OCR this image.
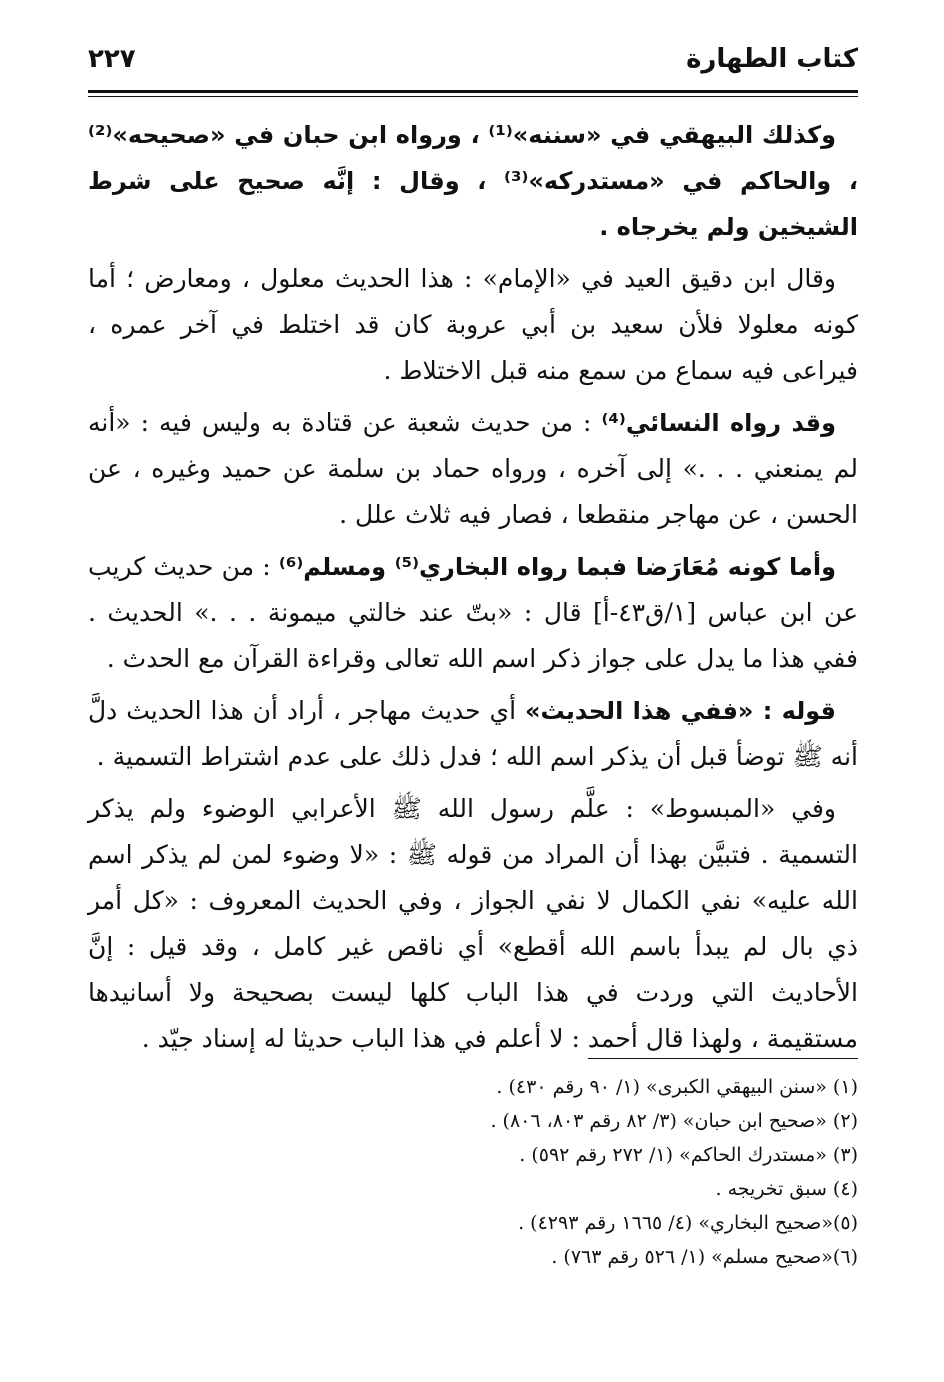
كتاب الطهارة
٢٢٧

وكذلك البيهقي في «سننه»⁽¹⁾ ، ورواه ابن حبان في «صحيحه»⁽²⁾ ، والحاكم في «مستدركه»⁽³⁾ ، وقال : إنَّه صحيح على شرط الشيخين ولم يخرجاه .

وقال ابن دقيق العيد في «الإمام» : هذا الحديث معلول ، ومعارض ؛ أما كونه معلولا فلأن سعيد بن أبي عروبة كان قد اختلط في آخر عمره ، فيراعى فيه سماع من سمع منه قبل الاختلاط .

وقد رواه النسائي⁽⁴⁾ : من حديث شعبة عن قتادة به وليس فيه : «أنه لم يمنعني . . .» إلى آخره ، ورواه حماد بن سلمة عن حميد وغيره ، عن الحسن ، عن مهاجر منقطعا ، فصار فيه ثلاث علل .

وأما كونه مُعَارَضا فبما رواه البخاري⁽⁵⁾ ومسلم⁽⁶⁾ : من حديث كريب عن ابن عباس [١/ق٤٣-أ] قال : «بتّ عند خالتي ميمونة . . .» الحديث . ففي هذا ما يدل على جواز ذكر اسم الله تعالى وقراءة القرآن مع الحدث .

قوله : «ففي هذا الحديث» أي حديث مهاجر ، أراد أن هذا الحديث دلَّ أنه ﷺ توضأ قبل أن يذكر اسم الله ؛ فدل ذلك على عدم اشتراط التسمية .

وفي «المبسوط» : علَّم رسول الله ﷺ الأعرابي الوضوء ولم يذكر التسمية . فتبيَّن بهذا أن المراد من قوله ﷺ : «لا وضوء لمن لم يذكر اسم الله عليه» نفي الكمال لا نفي الجواز ، وفي الحديث المعروف : «كل أمر ذي بال لم يبدأ باسم الله أقطع» أي ناقص غير كامل ، وقد قيل : إنَّ الأحاديث التي وردت في هذا الباب كلها ليست بصحيحة ولا أسانيدها مستقيمة ، ولهذا قال أحمد : لا أعلم في هذا الباب حديثا له إسناد جيّد .

(١) «سنن البيهقي الكبرى» (١/ ٩٠ رقم ٤٣٠) .
(٢) «صحيح ابن حبان» (٣/ ٨٢ رقم ٨٠٣، ٨٠٦) .
(٣) «مستدرك الحاكم» (١/ ٢٧٢ رقم ٥٩٢) .
(٤) سبق تخريجه .
(٥)«صحيح البخاري» (٤/ ١٦٦٥ رقم ٤٢٩٣) .
(٦)«صحيح مسلم» (١/ ٥٢٦ رقم ٧٦٣) .
